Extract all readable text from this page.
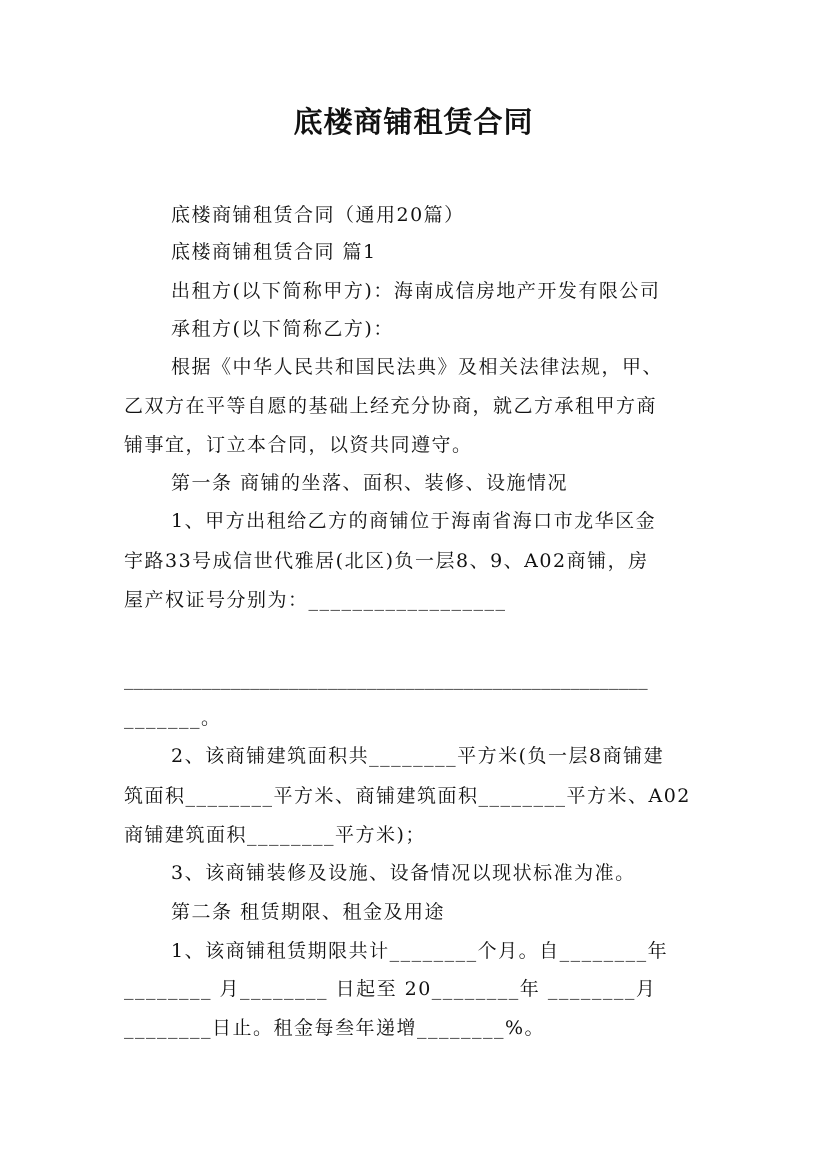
底楼商铺租赁合同
底楼商铺租赁合同（通用20篇）
底楼商铺租赁合同 篇1
出租方(以下简称甲方)：海南成信房地产开发有限公司
承租方(以下简称乙方)：
根据《中华人民共和国民法典》及相关法律法规，甲、
乙双方在平等自愿的基础上经充分协商，就乙方承租甲方商
铺事宜，订立本合同，以资共同遵守。
第一条 商铺的坐落、面积、装修、设施情况
1、甲方出租给乙方的商铺位于海南省海口市龙华区金
宇路33号成信世代雅居(北区)负一层8、9、A02商铺，房
屋产权证号分别为：__________________
______________________________________________________
_______。
2、该商铺建筑面积共________平方米(负一层8商铺建
筑面积________平方米、商铺建筑面积________平方米、A02
商铺建筑面积________平方米)；
3、该商铺装修及设施、设备情况以现状标准为准。
第二条 租赁期限、租金及用途
1、该商铺租赁期限共计________个月。自________年
________ 月________ 日起至 20________年 ________月
________日止。租金每叁年递增________%。
